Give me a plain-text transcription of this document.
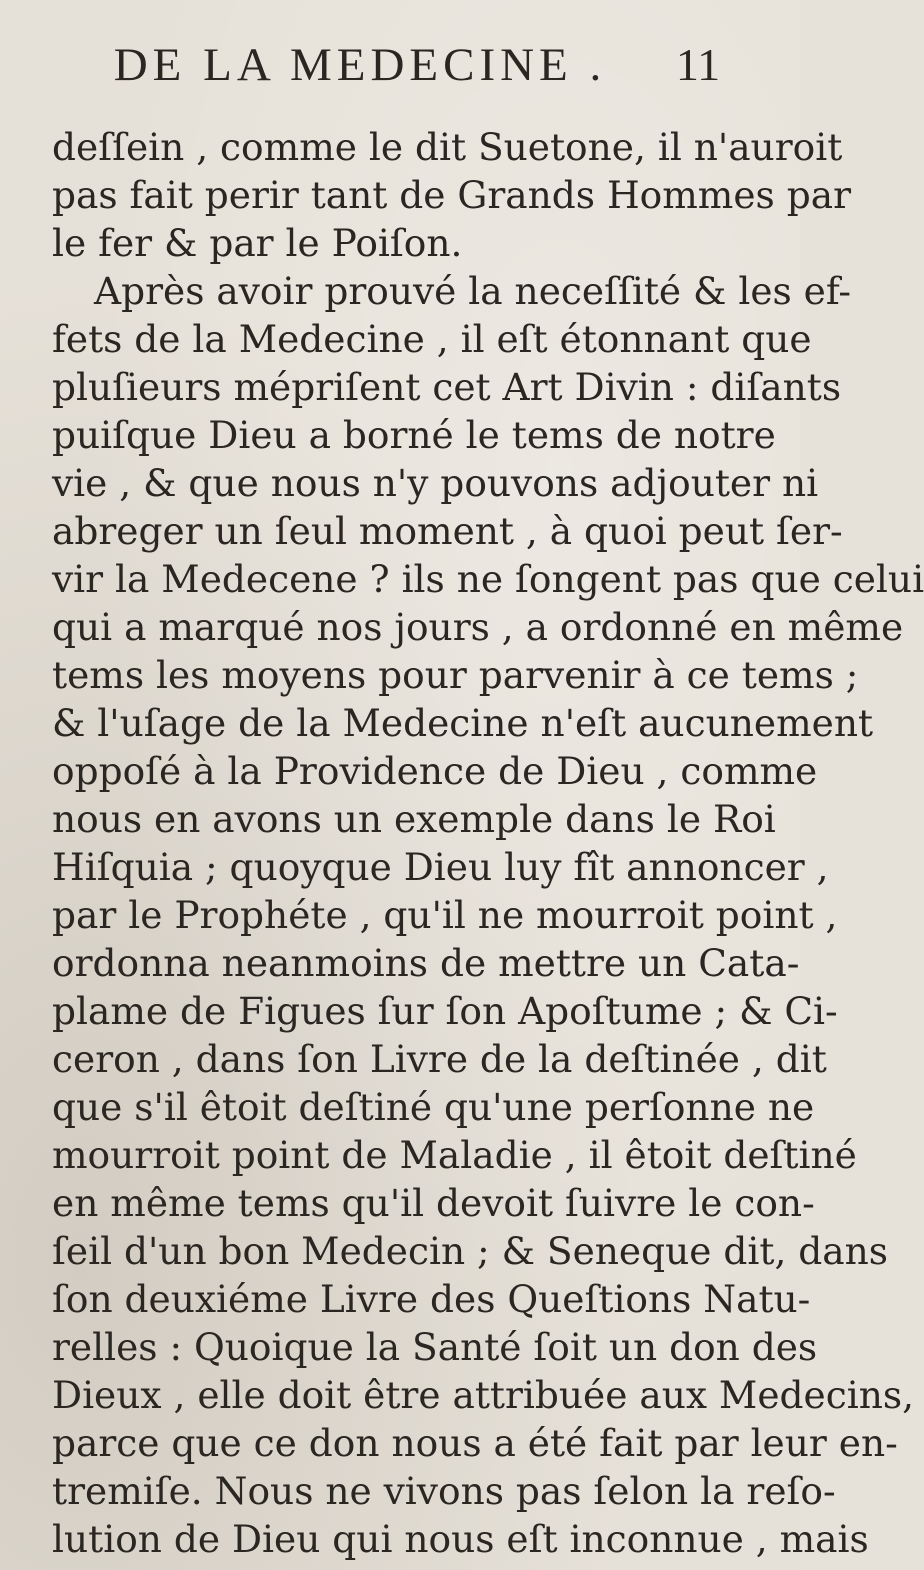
DE LA MEDECINE .	11
deſſein , comme le dit Suetone, il n'auroit
pas fait perir tant de Grands Hommes par
le fer & par le Poiſon.
Après avoir prouvé la neceſſité & les ef-
fets de la Medecine , il eſt étonnant que
pluſieurs mépriſent cet Art Divin : diſants
puiſque Dieu a borné le tems de notre
vie , & que nous n'y pouvons adjouter ni
abreger un ſeul moment , à quoi peut ſer-
vir la Medecene ? ils ne ſongent pas que celui
qui a marqué nos jours , a ordonné en même
tems les moyens pour parvenir à ce tems ;
& l'uſage de la Medecine n'eſt aucunement
oppoſé à la Providence de Dieu , comme
nous en avons un exemple dans le Roi
Hiſquia ; quoyque Dieu luy fît annoncer ,
par le Prophéte , qu'il ne mourroit point ,
ordonna neanmoins de mettre un Cata-
plame de Figues ſur ſon Apoſtume ; & Ci-
ceron , dans ſon Livre de la deſtinée , dit
que s'il êtoit deſtiné qu'une perſonne ne
mourroit point de Maladie , il êtoit deſtiné
en même tems qu'il devoit ſuivre le con-
ſeil d'un bon Medecin ; & Seneque dit, dans
ſon deuxiéme Livre des Queſtions Natu-
relles : Quoique la Santé ſoit un don des
Dieux , elle doit être attribuée aux Medecins,
parce que ce don nous a été fait par leur en-
tremiſe. Nous ne vivons pas ſelon la reſo-
lution de Dieu qui nous eſt inconnue , mais
